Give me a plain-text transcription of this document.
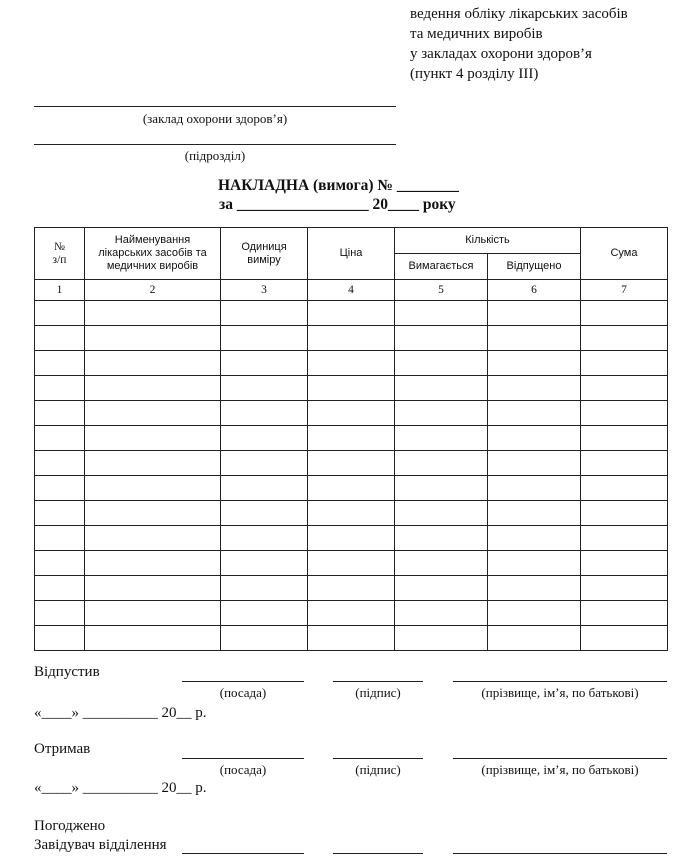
ведення обліку лікарських засобів
та медичних виробів
у закладах охорони здоров’я
(пункт 4 розділу ІІІ)
(заклад охорони здоров’я)
(підрозділ)
НАКЛАДНА (вимога) № ________
за _________________ 20____ року
№
з/п	Найменування лікарських засобів та медичних виробів	Одиниця виміру	Ціна	Кількість		Сума
				Вимагається	Відпущено	
1	2	3	4	5	6	7

Відпустив
(посада)	(підпис)	(прізвище, ім’я, по батькові)
«____» __________ 20__ р.
Отримав
(посада)	(підпис)	(прізвище, ім’я, по батькові)
«____» __________ 20__ р.
Погоджено
Завідувач відділення
